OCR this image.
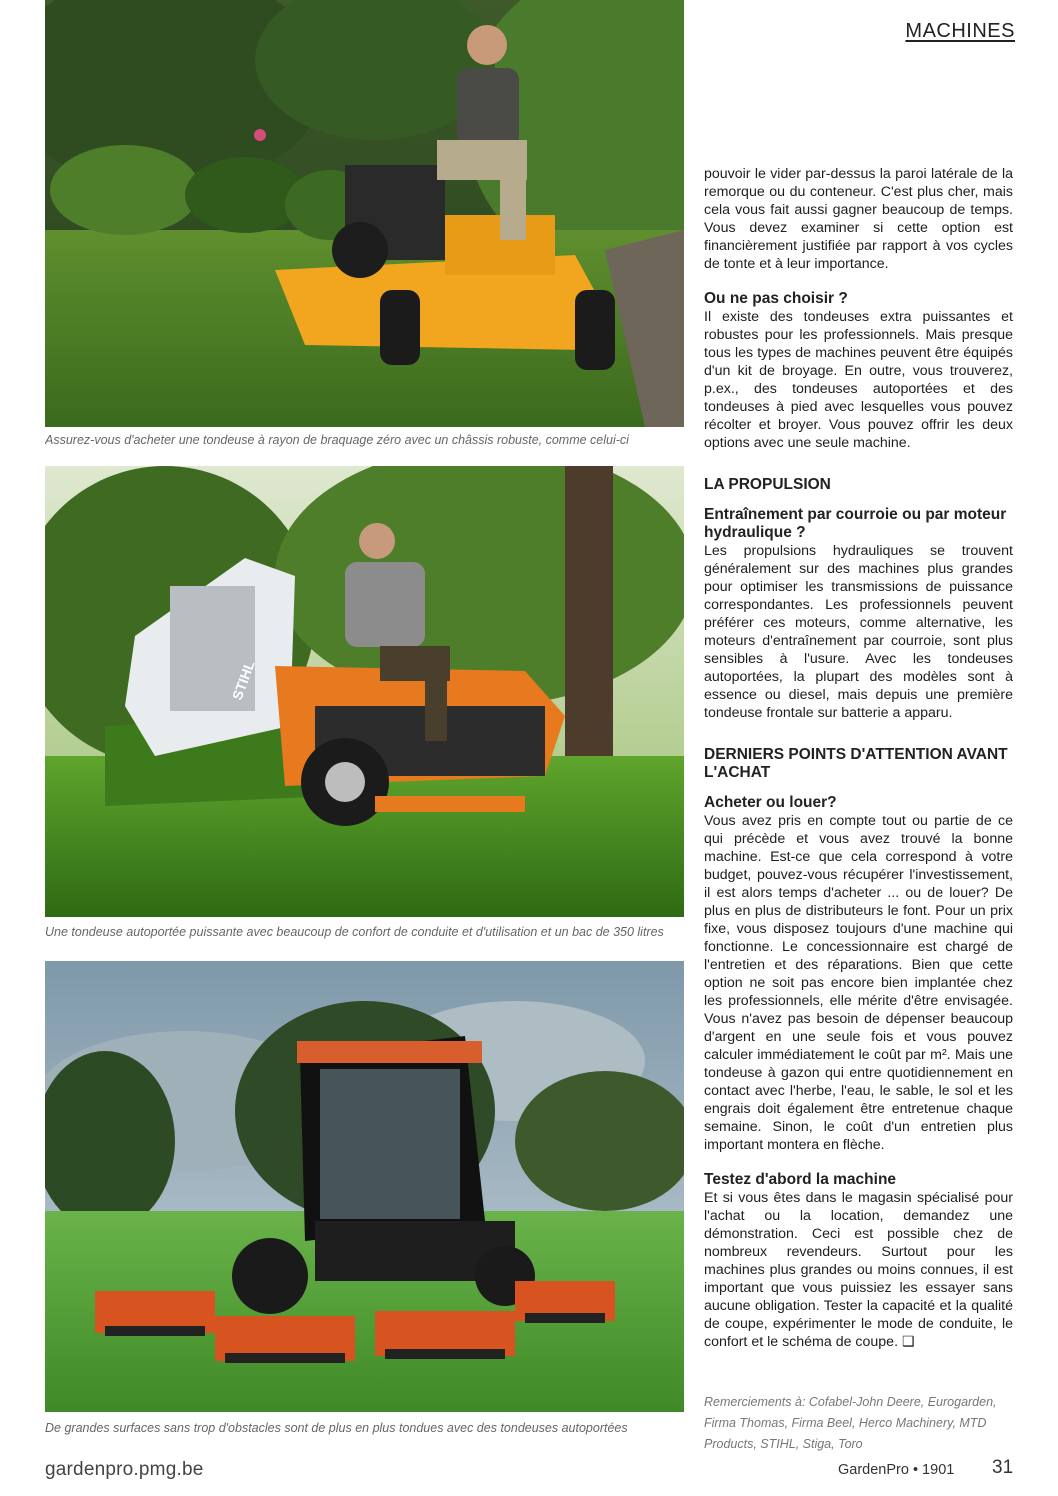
MACHINES
Assurez-vous d'acheter une tondeuse à rayon de braquage zéro avec un châssis robuste, comme celui-ci
STIHL
Une tondeuse autoportée puissante avec beaucoup de confort de conduite et d'utilisation et un bac de 350 litres
De grandes surfaces sans trop d'obstacles sont de plus en plus tondues avec des tondeuses autoportées

pouvoir le vider par-dessus la paroi latérale de la remorque ou du conteneur. C'est plus cher, mais cela vous fait aussi gagner beaucoup de temps. Vous devez examiner si cette option est financièrement justifiée par rapport à vos cycles de tonte et à leur importance.

Ou ne pas choisir ?

Il existe des tondeuses extra puissantes et robustes pour les professionnels. Mais presque tous les types de machines peuvent être équipés d'un kit de broyage. En outre, vous trouverez, p.ex., des tondeuses autoportées et des tondeuses à pied avec lesquelles vous pouvez récolter et broyer. Vous pouvez offrir les deux options avec une seule machine.

LA PROPULSION
Entraînement par courroie ou par moteur hydraulique ?

Les propulsions hydrauliques se trouvent généralement sur des machines plus grandes pour optimiser les transmissions de puissance correspondantes. Les professionnels peuvent préférer ces moteurs, comme alternative, les moteurs d'entraînement par courroie, sont plus sensibles à l'usure. Avec les tondeuses autoportées, la plupart des modèles sont à essence ou diesel, mais depuis une première tondeuse frontale sur batterie a apparu.

DERNIERS POINTS D'ATTENTION AVANT L'ACHAT
Acheter ou louer?

Vous avez pris en compte tout ou partie de ce qui précède et vous avez trouvé la bonne machine. Est-ce que cela correspond à votre budget, pouvez-vous récupérer l'investissement, il est alors temps d'acheter ... ou de louer? De plus en plus de distributeurs le font. Pour un prix fixe, vous disposez toujours d'une machine qui fonctionne. Le concessionnaire est chargé de l'entretien et des réparations. Bien que cette option ne soit pas encore bien implantée chez les professionnels, elle mérite d'être envisagée. Vous n'avez pas besoin de dépenser beaucoup d'argent en une seule fois et vous pouvez calculer immédiatement le coût par m². Mais une tondeuse à gazon qui entre quotidiennement en contact avec l'herbe, l'eau, le sable, le sol et les engrais doit également être entretenue chaque semaine. Sinon, le coût d'un entretien plus important montera en flèche.

Testez d'abord la machine

Et si vous êtes dans le magasin spécialisé pour l'achat ou la location, demandez une démonstration. Ceci est possible chez de nombreux revendeurs. Surtout pour les machines plus grandes ou moins connues, il est important que vous puissiez les essayer sans aucune obligation. Tester la capacité et la qualité de coupe, expérimenter le mode de conduite, le confort et le schéma de coupe. ❑

Remerciements à: Cofabel-John Deere, Eurogarden, Firma Thomas, Firma Beel, Herco Machinery, MTD Products, STIHL, Stiga, Toro
gardenpro.pmg.be	GardenPro • 1901 31
